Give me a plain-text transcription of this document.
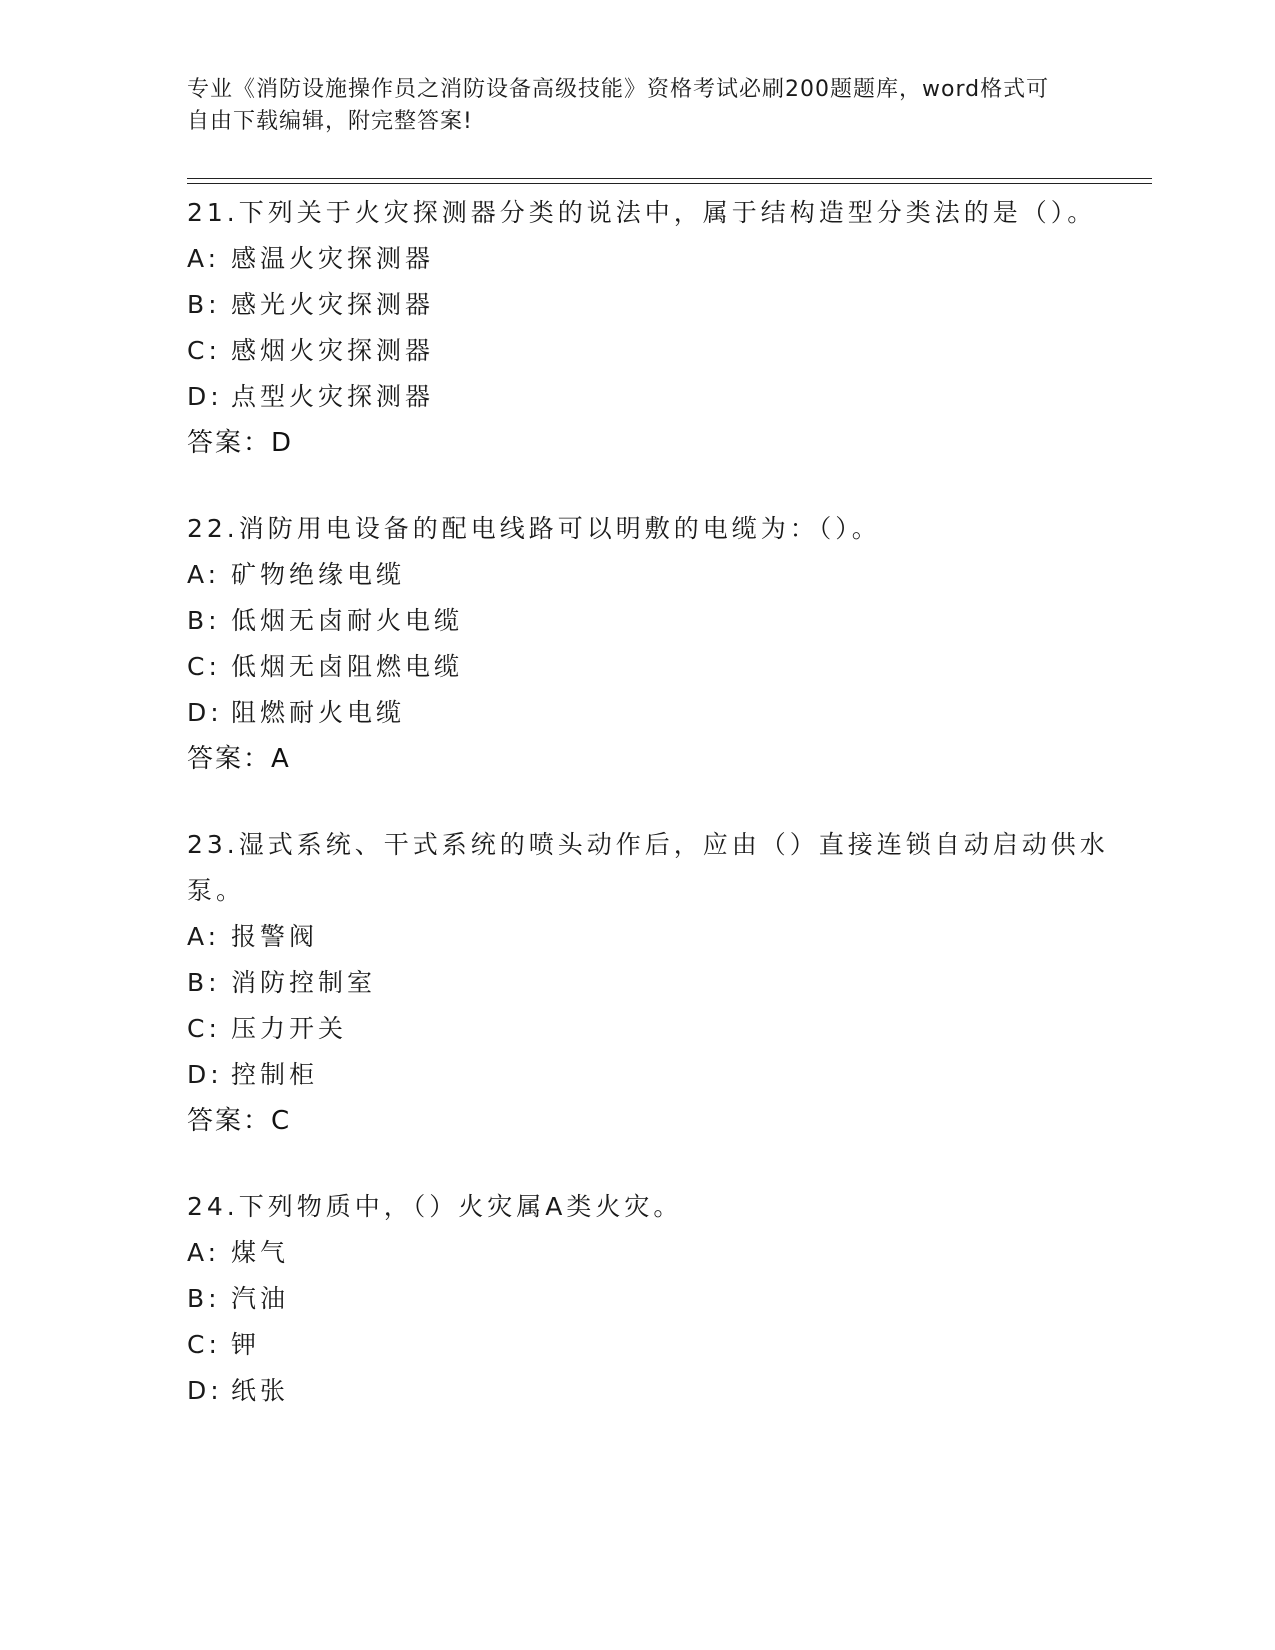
专业《消防设施操作员之消防设备高级技能》资格考试必刷200题题库，word格式可自由下载编辑，附完整答案!

21.下列关于火灾探测器分类的说法中，属于结构造型分类法的是（）。

A: 感温火灾探测器
B: 感光火灾探测器
C: 感烟火灾探测器
D: 点型火灾探测器
答案：D

22.消防用电设备的配电线路可以明敷的电缆为：（）。

A: 矿物绝缘电缆
B: 低烟无卤耐火电缆
C: 低烟无卤阻燃电缆
D: 阻燃耐火电缆
答案：A

23.湿式系统、干式系统的喷头动作后，应由（）直接连锁自动启动供水泵。

A: 报警阀
B: 消防控制室
C: 压力开关
D: 控制柜
答案：C

24.下列物质中，（）火灾属A类火灾。

A: 煤气
B: 汽油
C: 钾
D: 纸张
